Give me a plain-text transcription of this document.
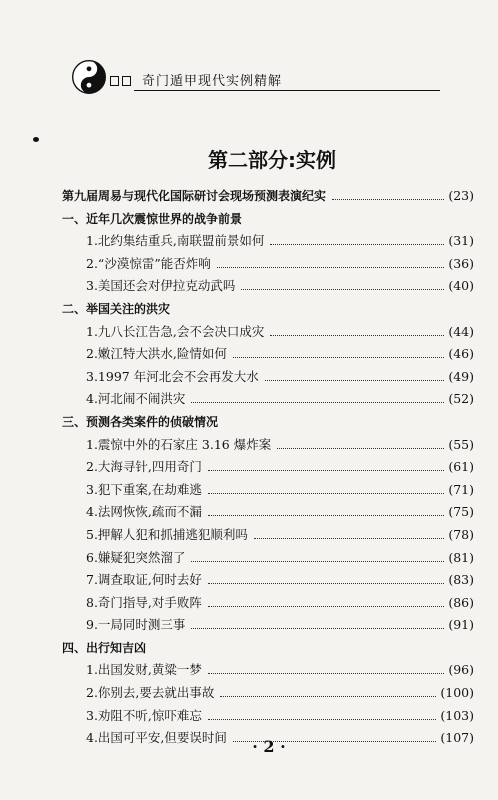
奇门遁甲现代实例精解
第二部分:实例
第九届周易与现代化国际研讨会现场预测表演纪实	(23)
一、近年几次震惊世界的战争前景
1.北约集结重兵,南联盟前景如何	(31)
2.“沙漠惊雷”能否炸响	(36)
3.美国还会对伊拉克动武吗	(40)
二、举国关注的洪灾
1.九八长江告急,会不会决口成灾	(44)
2.嫩江特大洪水,险情如何	(46)
3.1997 年河北会不会再发大水	(49)
4.河北闹不闹洪灾	(52)
三、预测各类案件的侦破情况
1.震惊中外的石家庄 3.16 爆炸案	(55)
2.大海寻针,四用奇门	(61)
3.犯下重案,在劫难逃	(71)
4.法网恢恢,疏而不漏	(75)
5.押解人犯和抓捕逃犯顺利吗	(78)
6.嫌疑犯突然溜了	(81)
7.调查取证,何时去好	(83)
8.奇门指导,对手败阵	(86)
9.一局同时测三事	(91)
四、出行知吉凶
1.出国发财,黄粱一梦	(96)
2.你别去,要去就出事故	(100)
3.劝阻不听,惊吓难忘	(103)
4.出国可平安,但要误时间	(107)
· 2 ·
